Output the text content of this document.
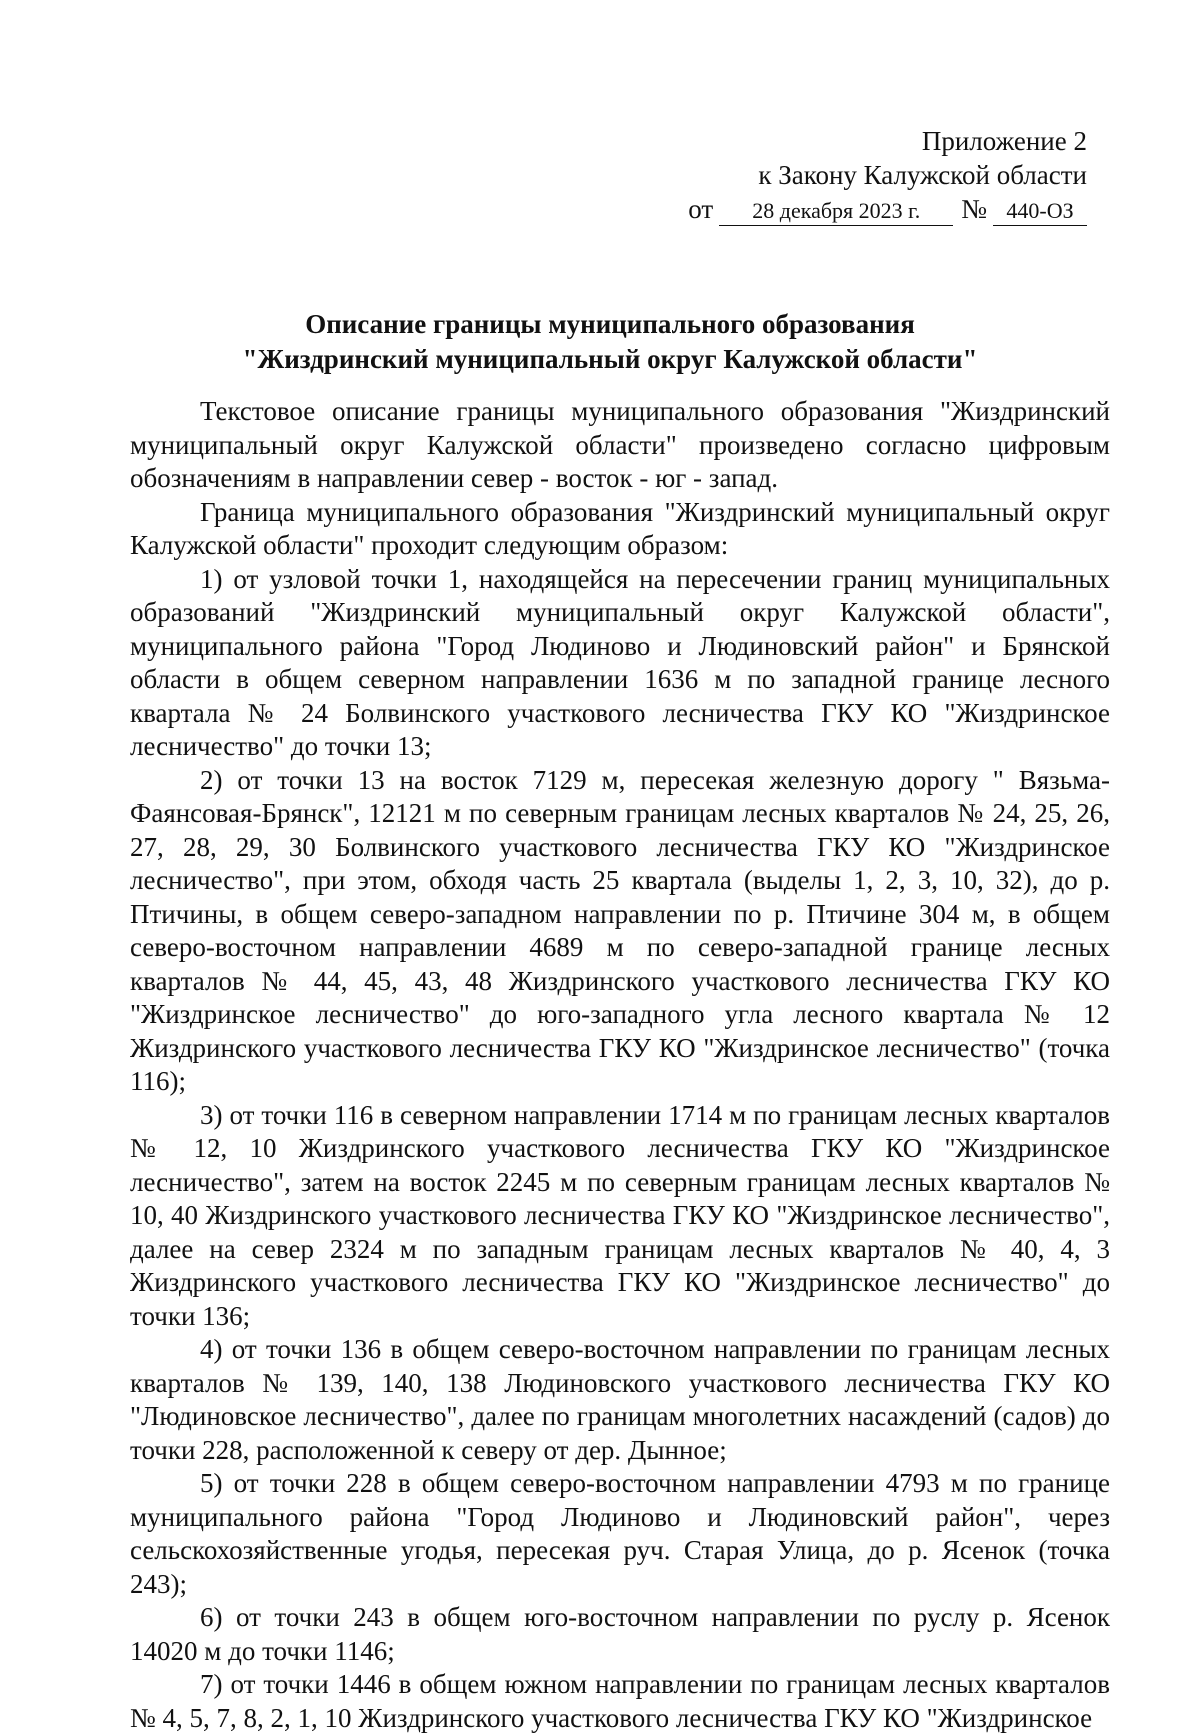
Приложение 2
к Закону Калужской области
от	28 декабря 2023 г.	№ 440-ОЗ
Описание границы муниципального образования
"Жиздринский муниципальный округ Калужской области"

Текстовое описание границы муниципального образования "Жиздринский муниципальный округ Калужской области" произведено согласно цифровым обозначениям в направлении север - восток - юг - запад.

Граница муниципального образования "Жиздринский муниципальный округ Калужской области" проходит следующим образом:

1) от узловой точки 1, находящейся на пересечении границ муниципальных образований "Жиздринский муниципальный округ Калужской области", муниципального района "Город Людиново и Людиновский район" и Брянской области в общем северном направлении 1636 м по западной границе лесного квартала № 24 Болвинского участкового лесничества ГКУ КО "Жиздринское лесничество" до точки 13;

2) от точки 13 на восток 7129 м, пересекая железную дорогу " Вязьма-Фаянсовая-Брянск", 12121 м по северным границам лесных кварталов № 24, 25, 26, 27, 28, 29, 30 Болвинского участкового лесничества ГКУ КО "Жиздринское лесничество", при этом, обходя часть 25 квартала (выделы 1, 2, 3, 10, 32), до р. Птичины, в общем северо-западном направлении по р. Птичине 304 м, в общем северо-восточном направлении 4689 м по северо-западной границе лесных кварталов № 44, 45, 43, 48 Жиздринского участкового лесничества ГКУ КО "Жиздринское лесничество" до юго-западного угла лесного квартала № 12 Жиздринского участкового лесничества ГКУ КО "Жиздринское лесничество" (точка 116);

3) от точки 116 в северном направлении 1714 м по границам лесных кварталов № 12, 10 Жиздринского участкового лесничества ГКУ КО "Жиздринское лесничество", затем на восток 2245 м по северным границам лесных кварталов № 10, 40 Жиздринского участкового лесничества ГКУ КО "Жиздринское лесничество", далее на север 2324 м по западным границам лесных кварталов № 40, 4, 3 Жиздринского участкового лесничества ГКУ КО "Жиздринское лесничество" до точки 136;

4) от точки 136 в общем северо-восточном направлении по границам лесных кварталов № 139, 140, 138 Людиновского участкового лесничества ГКУ КО "Людиновское лесничество", далее по границам многолетних насаждений (садов) до точки 228, расположенной к северу от дер. Дынное;

5) от точки 228 в общем северо-восточном направлении 4793 м по границе муниципального района "Город Людиново и Людиновский район", через сельскохозяйственные угодья, пересекая руч. Старая Улица, до р. Ясенок (точка 243);

6) от точки 243 в общем юго-восточном направлении по руслу р. Ясенок 14020 м до точки 1146;

7) от точки 1446 в общем южном направлении по границам лесных кварталов № 4, 5, 7, 8, 2, 1, 10 Жиздринского участкового лесничества ГКУ КО "Жиздринское
